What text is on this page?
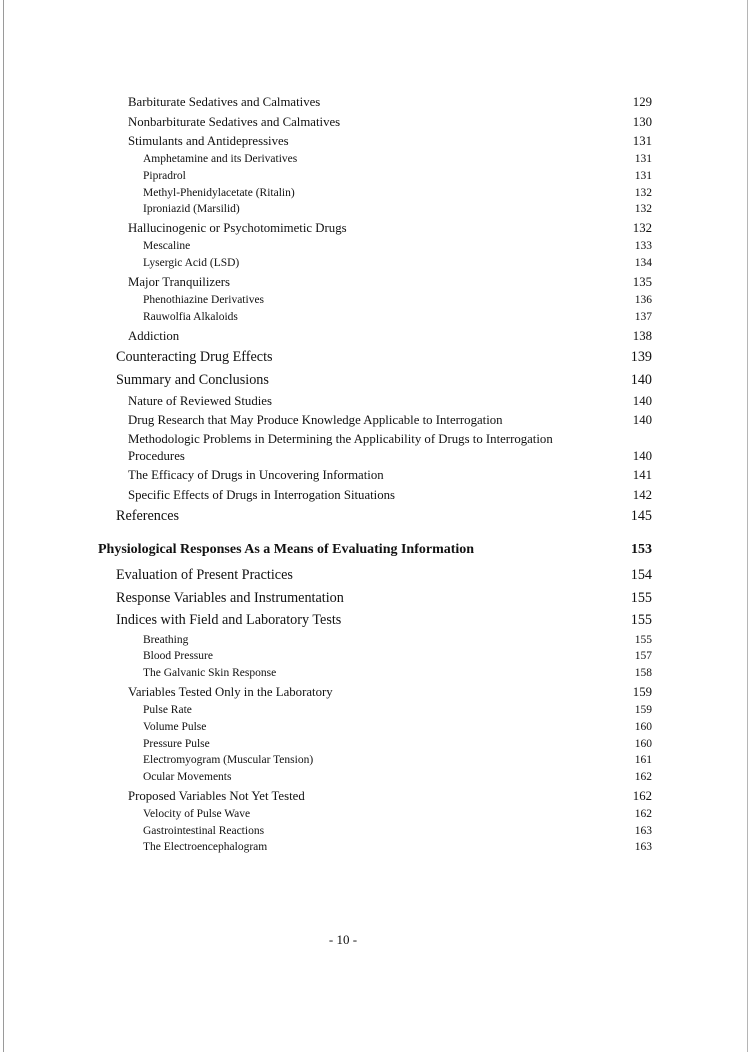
Barbiturate Sedatives and Calmatives	129
Nonbarbiturate Sedatives and Calmatives	130
Stimulants and Antidepressives	131
Amphetamine and its Derivatives	131
Pipradrol	131
Methyl-Phenidylacetate (Ritalin)	132
Iproniazid (Marsilid)	132
Hallucinogenic or Psychotomimetic Drugs	132
Mescaline	133
Lysergic Acid (LSD)	134
Major Tranquilizers	135
Phenothiazine Derivatives	136
Rauwolfia Alkaloids	137
Addiction	138
Counteracting Drug Effects	139
Summary and Conclusions	140
Nature of Reviewed Studies	140
Drug Research that May Produce Knowledge Applicable to Interrogation	140
Methodologic Problems in Determining the Applicability of Drugs to Interrogation
Procedures	140
The Efficacy of Drugs in Uncovering Information	141
Specific Effects of Drugs in Interrogation Situations	142
References	145
Physiological Responses As a Means of Evaluating Information	153
Evaluation of Present Practices	154
Response Variables and Instrumentation	155
Indices with Field and Laboratory Tests	155
Breathing	155
Blood Pressure	157
The Galvanic Skin Response	158
Variables Tested Only in the Laboratory	159
Pulse Rate	159
Volume Pulse	160
Pressure Pulse	160
Electromyogram (Muscular Tension)	161
Ocular Movements	162
Proposed Variables Not Yet Tested	162
Velocity of Pulse Wave	162
Gastrointestinal Reactions	163
The Electroencephalogram	163
- 10 -
